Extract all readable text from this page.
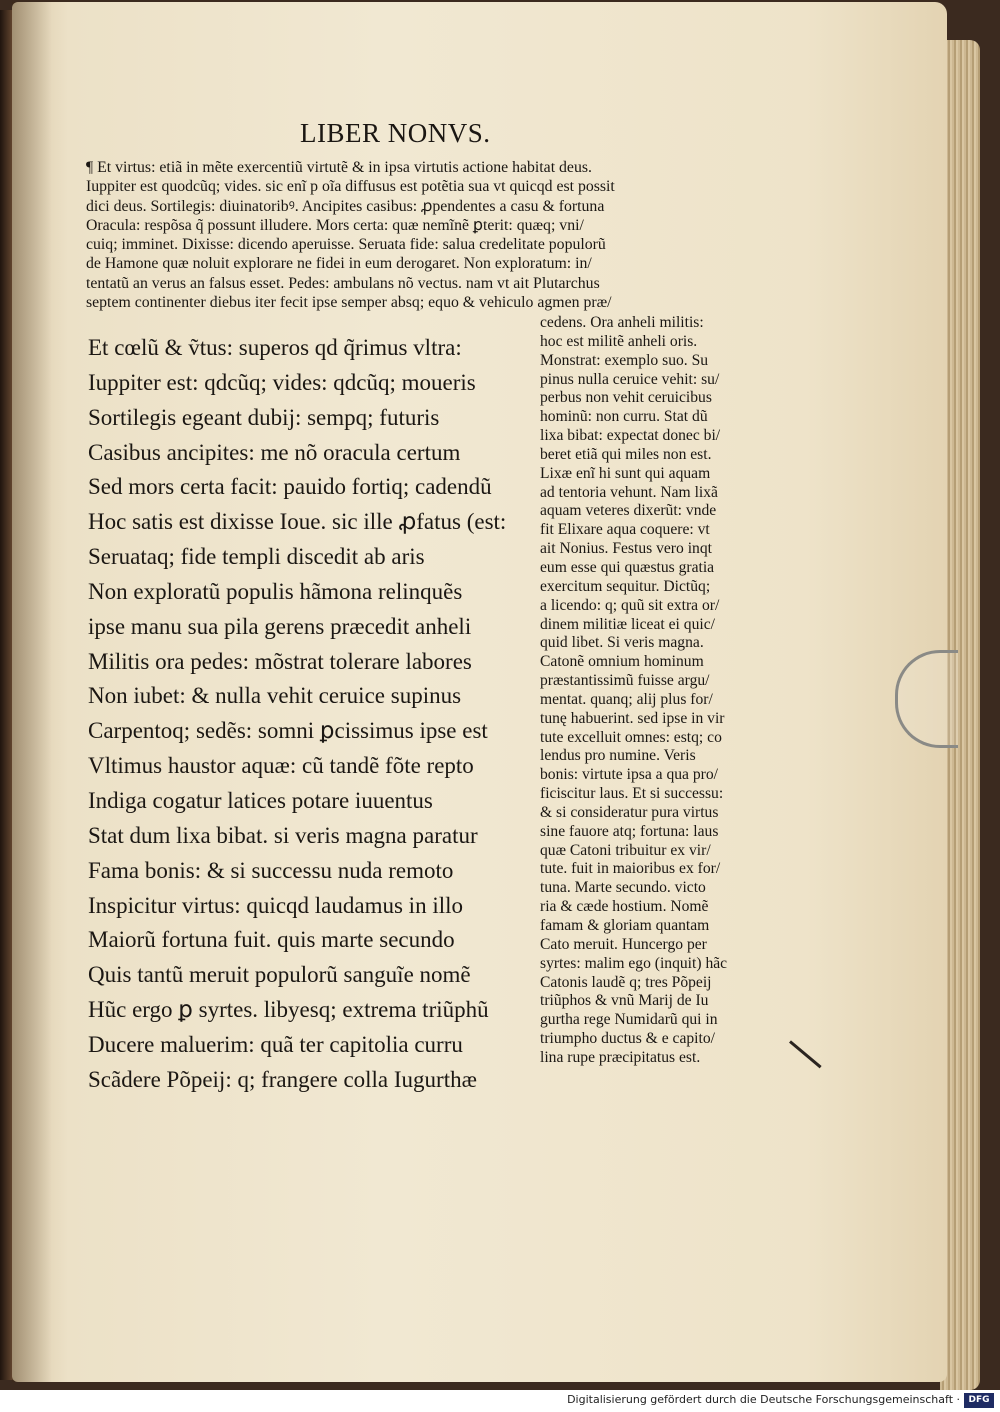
LIBER NONVS.
¶ Et virtus: etiã in mẽte exercentiũ virtutẽ & in ipsa virtutis actione habitat deus.
Iuppiter est quodcũq; vides. sic enĩ p oĩa diffusus est potẽtia sua vt quicqd est possit
dici deus. Sortilegis: diuinatoribꝰ. Ancipites casibus: ꝓpendentes a casu & fortuna
Oracula: respõsa q̃ possunt illudere. Mors certa: quæ nemĩnẽ ꝑterit: quæq; vni/
cuiq; imminet. Dixisse: dicendo aperuisse. Seruata fide: salua credelitate populorũ
de Hamone quæ noluit explorare ne fidei in eum derogaret. Non exploratum: in/
tentatũ an verus an falsus esset. Pedes: ambulans nõ vectus. nam vt ait Plutarchus
septem continenter diebus iter fecit ipse semper absq; equo & vehiculo agmen præ/
Et cœlũ & ṽtus: superos qd q̃rimus vltra:
Iuppiter est: qdcũq; vides: qdcũq; moueris
Sortilegis egeant dubij: sempq; futuris
Casibus ancipites: me nõ oracula certum
Sed mors certa facit: pauido fortiq; cadendũ
Hoc satis est dixisse Ioue. sic ille ꝓfatus (est:
Seruataq; fide templi discedit ab aris
Non exploratũ populis hãmona relinquẽs
ipse manu sua pila gerens præcedit anheli
Militis ora pedes: mõstrat tolerare labores
Non iubet: & nulla vehit ceruice supinus
Carpentoq; sedẽs: somni ꝑcissimus ipse est
Vltimus haustor aquæ: cũ tandẽ fõte repto
Indiga cogatur latices potare iuuentus
Stat dum lixa bibat. si veris magna paratur
Fama bonis: & si successu nuda remoto
Inspicitur virtus: quicqd laudamus in illo
Maiorũ fortuna fuit. quis marte secundo
Quis tantũ meruit populorũ sanguĩe nomẽ
Hũc ergo ꝑ syrtes. libyesq; extrema triũphũ
Ducere maluerim: quã ter capitolia curru
Scãdere Põpeij: q; frangere colla Iugurthæ
cedens. Ora anheli militis:
hoc est militẽ anheli oris.
Monstrat: exemplo suo. Su
pinus nulla ceruice vehit: su/
perbus non vehit ceruicibus
hominũ: non curru. Stat dũ
lixa bibat: expectat donec bi/
beret etiã qui miles non est.
Lixæ enĩ hi sunt qui aquam
ad tentoria vehunt. Nam lixã
aquam veteres dixerũt: vnde
fit Elixare aqua coquere: vt
ait Nonius. Festus vero inqt
eum esse qui quæstus gratia
exercitum sequitur. Dictũq;
a licendo: q; quũ sit extra or/
dinem militiæ liceat ei quic/
quid libet. Si veris magna.
Catonẽ omnium hominum
præstantissimũ fuisse argu/
mentat. quanq; alij plus for/
tunę habuerint. sed ipse in vir
tute excelluit omnes: estq; co
lendus pro numine. Veris
bonis: virtute ipsa a qua pro/
ficiscitur laus. Et si successu:
& si consideratur pura virtus
sine fauore atq; fortuna: laus
quæ Catoni tribuitur ex vir/
tute. fuit in maioribus ex for/
tuna. Marte secundo. victo
ria & cæde hostium. Nomẽ
famam & gloriam quantam
Cato meruit. Huncergo per
syrtes: malim ego (inquit) hãc
Catonis laudẽ q; tres Põpeij
triũphos & vnũ Marij de Iu
gurtha rege Numidarũ qui in
triumpho ductus & e capito/
lina rupe præcipitatus est.
Digitalisierung gefördert durch die Deutsche Forschungsgemeinschaft · DFG
